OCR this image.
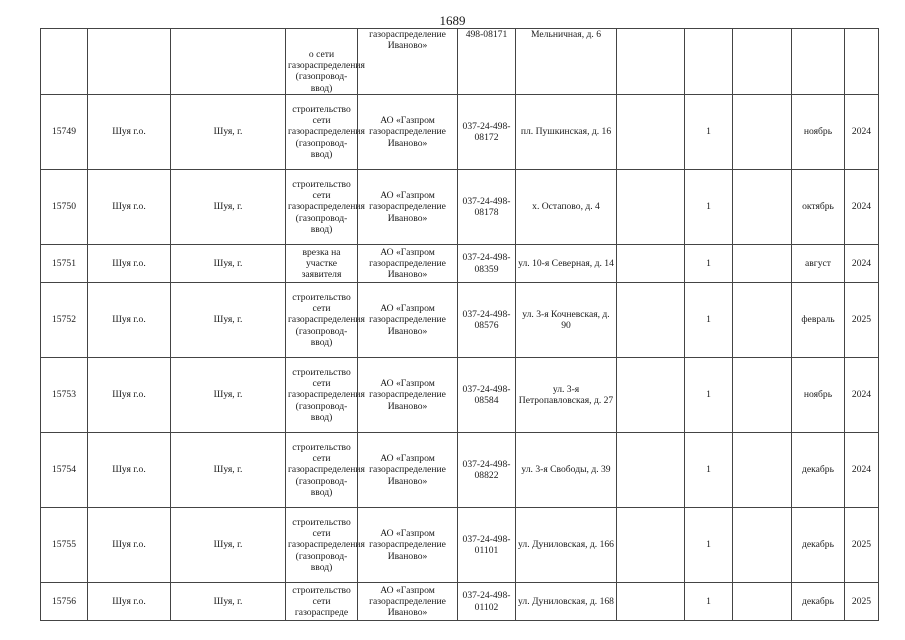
1689

			о сети газораспределения (газопровод-ввод)	газораспределение Иваново»	498-08171	Мельничная, д. 6					
15749	Шуя г.о.	Шуя, г.	строительство сети газораспределения (газопровод-ввод)	АО «Газпром газораспределение Иваново»	037-24-498-08172	пл. Пушкинская, д. 16		1		ноябрь	2024
15750	Шуя г.о.	Шуя, г.	строительство сети газораспределения (газопровод-ввод)	АО «Газпром газораспределение Иваново»	037-24-498-08178	х. Остапово, д. 4		1		октябрь	2024
15751	Шуя г.о.	Шуя, г.	врезка на участке заявителя	АО «Газпром газораспределение Иваново»	037-24-498-08359	ул. 10-я Северная, д. 14		1		август	2024
15752	Шуя г.о.	Шуя, г.	строительство сети газораспределения (газопровод-ввод)	АО «Газпром газораспределение Иваново»	037-24-498-08576	ул. 3-я Кочневская, д. 90		1		февраль	2025
15753	Шуя г.о.	Шуя, г.	строительство сети газораспределения (газопровод-ввод)	АО «Газпром газораспределение Иваново»	037-24-498-08584	ул. 3-я Петропавловская, д. 27		1		ноябрь	2024
15754	Шуя г.о.	Шуя, г.	строительство сети газораспределения (газопровод-ввод)	АО «Газпром газораспределение Иваново»	037-24-498-08822	ул. 3-я Свободы, д. 39		1		декабрь	2024
15755	Шуя г.о.	Шуя, г.	строительство сети газораспределения (газопровод-ввод)	АО «Газпром газораспределение Иваново»	037-24-498-01101	ул. Дуниловская, д. 166		1		декабрь	2025
15756	Шуя г.о.	Шуя, г.	строительство сети газораспреде	АО «Газпром газораспределение Иваново»	037-24-498-01102	ул. Дуниловская, д. 168		1		декабрь	2025
